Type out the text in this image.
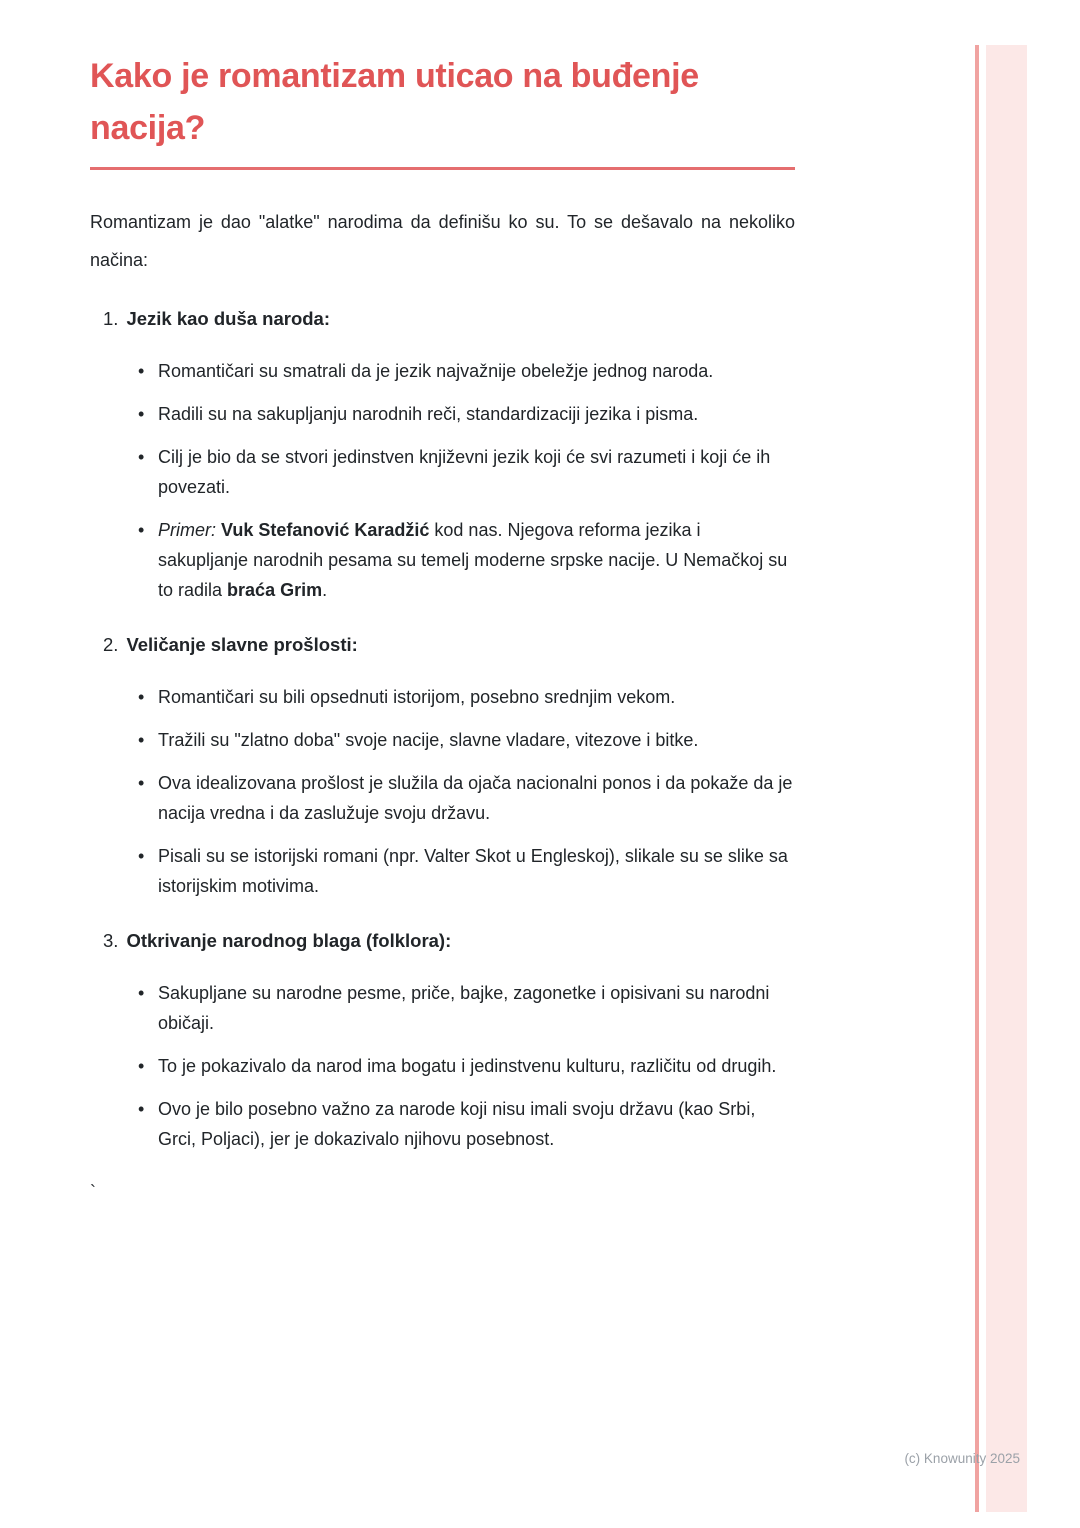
Kako je romantizam uticao na buđenje nacija?

Romantizam je dao "alatke" narodima da definišu ko su. To se dešavalo na nekoliko načina:

1. Jezik kao duša naroda:
• Romantičari su smatrali da je jezik najvažnije obeležje jednog naroda.
• Radili su na sakupljanju narodnih reči, standardizaciji jezika i pisma.
• Cilj je bio da se stvori jedinstven književni jezik koji će svi razumeti i koji će ih povezati.
• Primer: Vuk Stefanović Karadžić kod nas. Njegova reforma jezika i sakupljanje narodnih pesama su temelj moderne srpske nacije. U Nemačkoj su to radila braća Grim.
2. Veličanje slavne prošlosti:
• Romantičari su bili opsednuti istorijom, posebno srednjim vekom.
• Tražili su "zlatno doba" svoje nacije, slavne vladare, vitezove i bitke.
• Ova idealizovana prošlost je služila da ojača nacionalni ponos i da pokaže da je nacija vredna i da zaslužuje svoju državu.
• Pisali su se istorijski romani (npr. Valter Skot u Engleskoj), slikale su se slike sa istorijskim motivima.
3. Otkrivanje narodnog blaga (folklora):
• Sakupljane su narodne pesme, priče, bajke, zagonetke i opisivani su narodni običaji.
• To je pokazivalo da narod ima bogatu i jedinstvenu kulturu, različitu od drugih.
• Ovo je bilo posebno važno za narode koji nisu imali svoju državu (kao Srbi, Grci, Poljaci), jer je dokazivalo njihovu posebnost.
`
(c) Knowunity 2025
